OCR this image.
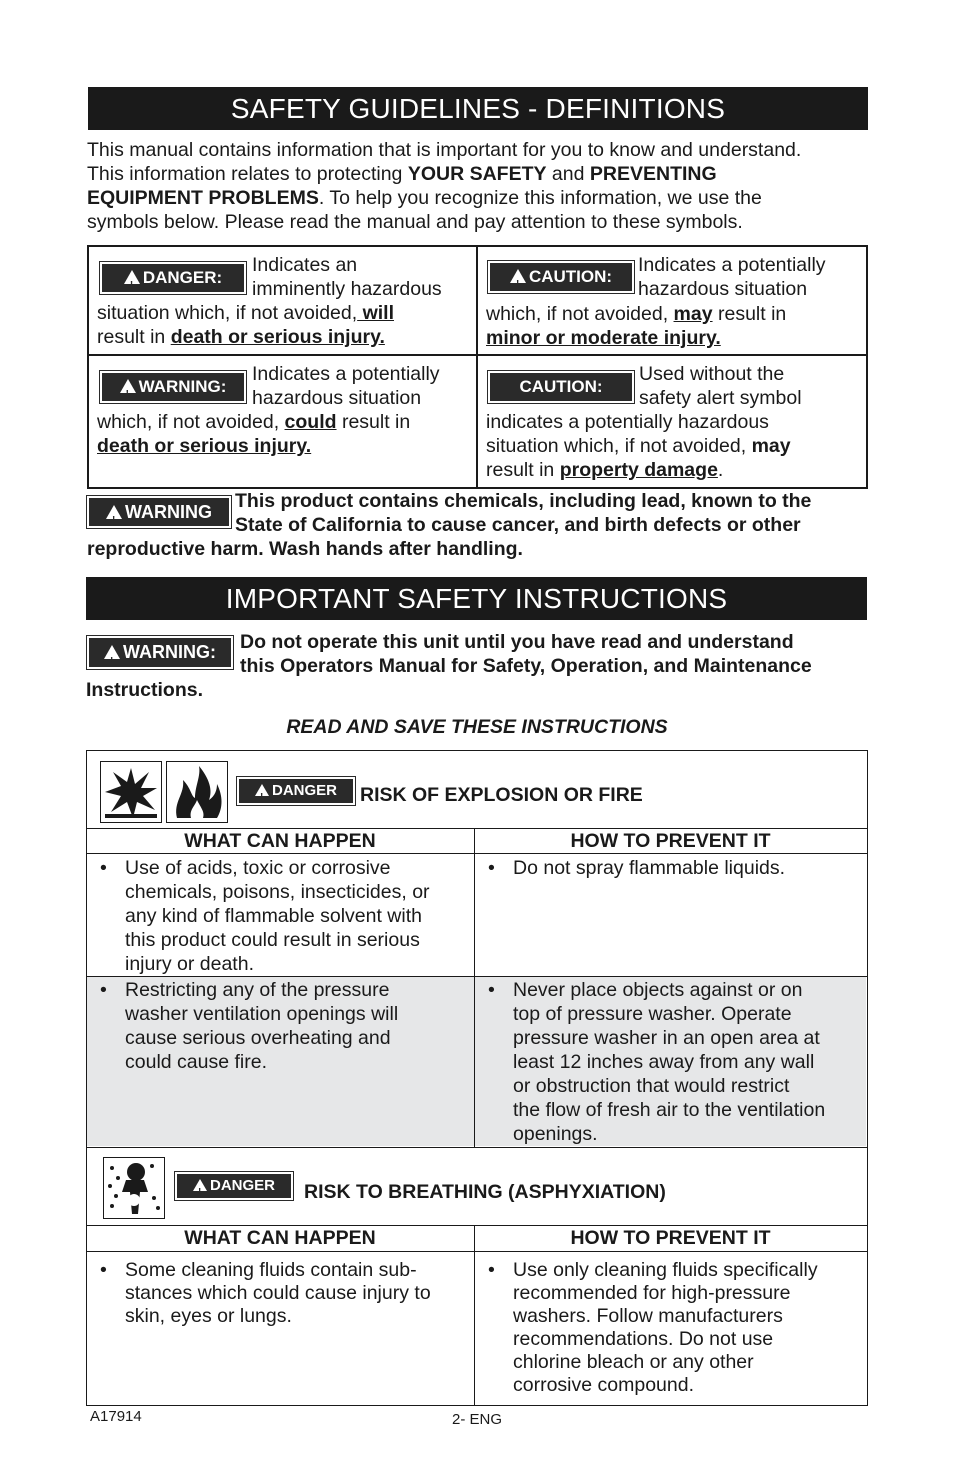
SAFETY GUIDELINES - DEFINITIONS
This manual contains information that is important for you to know and understand.
This information relates to protecting YOUR SAFETY and PREVENTING
EQUIPMENT PROBLEMS. To help you recognize this information, we use the
symbols below. Please read the manual and pay attention to these symbols.
!DANGER:
Indicates an
imminently hazardous
situation which, if not avoided, will
result in death or serious injury.
!CAUTION:
Indicates a potentially
hazardous situation
which, if not avoided, may result in
minor or moderate injury.
!WARNING:
Indicates a potentially
hazardous situation
which, if not avoided, could result in
death or serious injury.
CAUTION:
Used without the
safety alert symbol
indicates a potentially hazardous
situation which, if not avoided, may
result in property damage.
!WARNING	This product contains chemicals, including lead, known to the
State of California to cause cancer, and birth defects or other
reproductive harm. Wash hands after handling.
IMPORTANT SAFETY INSTRUCTIONS
!WARNING:	Do not operate this unit until you have read and understand
this Operators Manual for Safety, Operation, and Maintenance
Instructions.
READ AND SAVE THESE INSTRUCTIONS
!DANGER	RISK OF EXPLOSION OR FIRE
WHAT CAN HAPPEN	HOW TO PREVENT IT
• Use of acids, toxic or corrosive
chemicals, poisons, insecticides, or
any kind of flammable solvent with
this product could result in serious
injury or death.
• Do not spray flammable liquids.
• Restricting any of the pressure
washer ventilation openings will
cause serious overheating and
could cause fire.
• Never place objects against or on
top of pressure washer. Operate
pressure washer in an open area at
least 12 inches away from any wall
or obstruction that would restrict
the flow of fresh air to the ventilation
openings.
!DANGER	RISK TO BREATHING (ASPHYXIATION)
WHAT CAN HAPPEN	HOW TO PREVENT IT
• Some cleaning fluids contain sub-
stances which could cause injury to
skin, eyes or lungs.
• Use only cleaning fluids specifically
recommended for high-pressure
washers. Follow manufacturers
recommendations. Do not use
chlorine bleach or any other
corrosive compound.
A17914	2- ENG
